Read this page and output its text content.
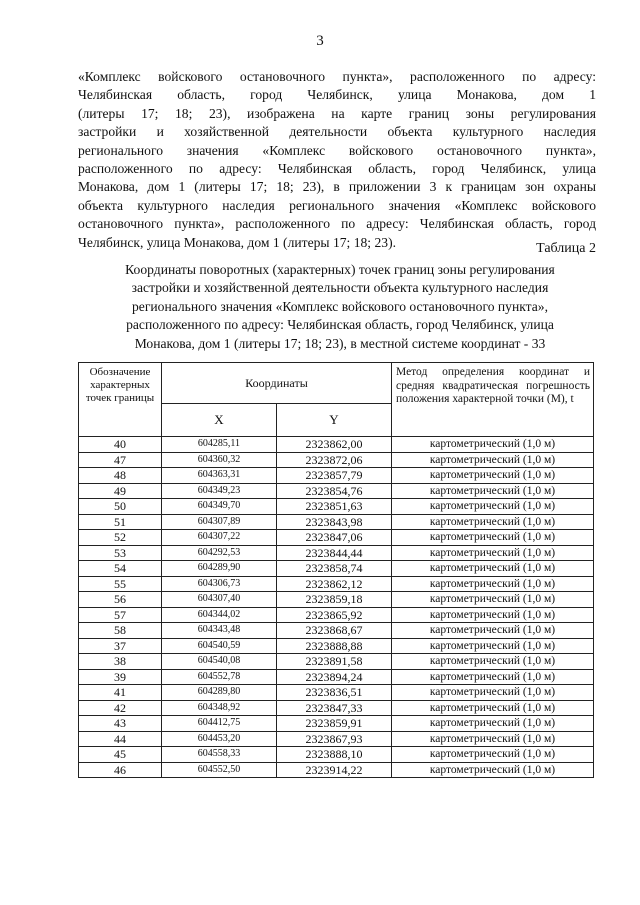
3
«Комплекс войскового остановочного пункта», расположенного по адресу:
Челябинская область, город Челябинск, улица Монакова, дом 1
(литеры 17; 18; 23), изображена на карте границ зоны регулирования
застройки и хозяйственной деятельности объекта культурного наследия
регионального значения «Комплекс войскового остановочного пункта»,
расположенного по адресу: Челябинская область, город Челябинск, улица
Монакова, дом 1 (литеры 17; 18; 23), в приложении 3 к границам зон охраны
объекта культурного наследия регионального значения «Комплекс войскового
остановочного пункта», расположенного по адресу: Челябинская область, город
Челябинск, улица Монакова, дом 1 (литеры 17; 18; 23).	Таблица 2
Координаты поворотных (характерных) точек границ зоны регулирования
застройки и хозяйственной деятельности объекта культурного наследия
регионального значения «Комплекс войскового остановочного пункта»,
расположенного по адресу: Челябинская область, город Челябинск, улица
Монакова, дом 1 (литеры 17; 18; 23), в местной системе координат - 33
Обозначение характерных точек границы	Координаты		Метод определения координат и средняя квадратическая погрешность положения характерной точки (М), t
	X	Y	
40	604285,11	2323862,00	картометрический (1,0 м)
47	604360,32	2323872,06	картометрический (1,0 м)
48	604363,31	2323857,79	картометрический (1,0 м)
49	604349,23	2323854,76	картометрический (1,0 м)
50	604349,70	2323851,63	картометрический (1,0 м)
51	604307,89	2323843,98	картометрический (1,0 м)
52	604307,22	2323847,06	картометрический (1,0 м)
53	604292,53	2323844,44	картометрический (1,0 м)
54	604289,90	2323858,74	картометрический (1,0 м)
55	604306,73	2323862,12	картометрический (1,0 м)
56	604307,40	2323859,18	картометрический (1,0 м)
57	604344,02	2323865,92	картометрический (1,0 м)
58	604343,48	2323868,67	картометрический (1,0 м)
37	604540,59	2323888,88	картометрический (1,0 м)
38	604540,08	2323891,58	картометрический (1,0 м)
39	604552,78	2323894,24	картометрический (1,0 м)
41	604289,80	2323836,51	картометрический (1,0 м)
42	604348,92	2323847,33	картометрический (1,0 м)
43	604412,75	2323859,91	картометрический (1,0 м)
44	604453,20	2323867,93	картометрический (1,0 м)
45	604558,33	2323888,10	картометрический (1,0 м)
46	604552,50	2323914,22	картометрический (1,0 м)
